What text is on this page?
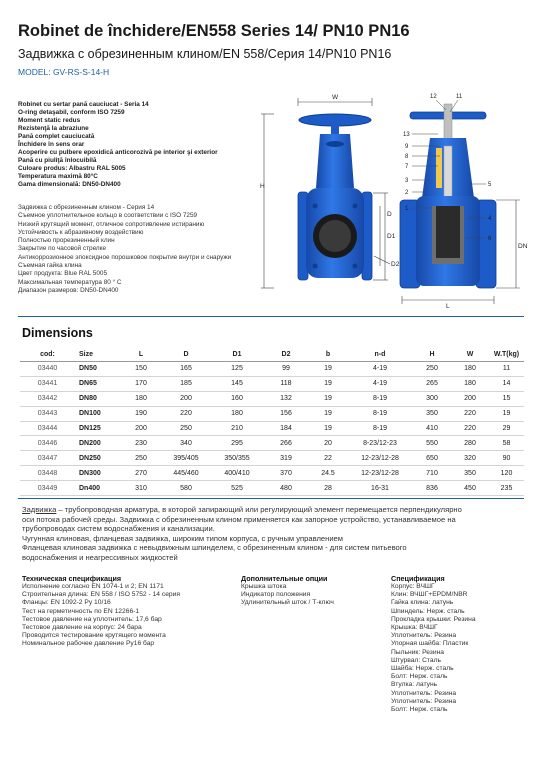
Robinet de închidere/EN558 Series 14/ PN10 PN16
Задвижка с обрезиненным клином/EN 558/Серия 14/PN10 PN16
MODEL: GV-RS-S-14-H
Robinet cu sertar pană cauciucat - Seria 14
O-ring detaşabil, conform ISO 7259
Moment static redus
Rezistenţă la abraziune
Pană complet cauciucată
Închidere în sens orar
Acoperire cu pulbere epoxidică anticorozivă pe interior şi exterior
Pană cu piuliţă înlocuibilă
Culoare produs: Albastru RAL 5005
Temperatura maximă 80°C
Gama dimensională: DN50-DN400
Задвижка с обрезиненным клином - Серия 14
Съемное уплотнительное кольцо в соответствии с ISO 7259
Низкий крутящий момент, отличное сопротивление истиранию
Устойчивость к абразивному воздействию
Полностью прорезиненный клин
Закрытие по часовой стрелке
Антикоррозионное эпоксидное порошковое покрытие внутри и снаружи
Съемная гайка клина
Цвет продукта: Blue RAL 5005
Максимальная температура 80 ° C
Диапазон размеров: DN50-DN400
W
H
D
D1
D2
L
DN
12	11
13
9
8
7
3
2
1
5
4
6
Dimensions
cod:	Size	L	D	D1	D2	b	n-d	H	W	W.T(kg)
03440	DN50	150	165	125	99	19	4-19	250	180	11
03441	DN65	170	185	145	118	19	4-19	265	180	14
03442	DN80	180	200	160	132	19	8-19	300	200	15
03443	DN100	190	220	180	156	19	8-19	350	220	19
03444	DN125	200	250	210	184	19	8-19	410	220	29
03446	DN200	230	340	295	266	20	8-23/12-23	550	280	58
03447	DN250	250	395/405	350/355	319	22	12-23/12-28	650	320	90
03448	DN300	270	445/460	400/410	370	24.5	12-23/12-28	710	350	120
03449	Dn400	310	580	525	480	28	16-31	836	450	235
Задвижка – трубопроводная арматура, в которой запирающий или регулирующий элемент перемещается перпендикулярно
оси потока рабочей среды. Задвижка с обрезиненным клином применяется как запорное устройство, устанавливаемое на
трубопроводах систем водоснабжения и канализации.
Чугунная клиновая, фланцевая задвижка, широким типом корпуса, с ручным управлением
Фланцевая клиновая задвижка с невыдвижным шпинделем, с обрезиненным клином - для систем питьевого
водоснабжения и неагрессивных жидкостей
Техническая спецификация
Исполнение согласно EN 1074-1 и 2; EN 1171
Строительная длина: EN 558 / ISO 5752 - 14 серия
Фланцы: EN 1092-2 Ру 10/16
Тест на герметичность по EN 12266-1
Тестовое давление на уплотнитель: 17,6 бар
Тестовое давление на корпус: 24 бара
Проводится тестирование крутящего момента
Номинальное рабочее давление Ру16 бар
Дополнительные опции
Крышка штока
Индикатор положения
Удлинительный шток / Т-ключ
Спецификация
Корпус: ВЧШГ
Клин: ВЧШГ+EPDM/NBR
Гайка клина: латунь
Шпиндель: Нерж. сталь
Прокладка крышки: Резина
Крышка: ВЧШГ
Уплотнитель: Резина
Упорная шайба: Пластик
Пыльник: Резина
Штурвал: Сталь
Шайба: Нерж. сталь
Болт: Нерж. сталь
Втулка: латунь
Уплотнитель: Резина
Уплотнитель: Резина
Болт: Нерж. сталь
